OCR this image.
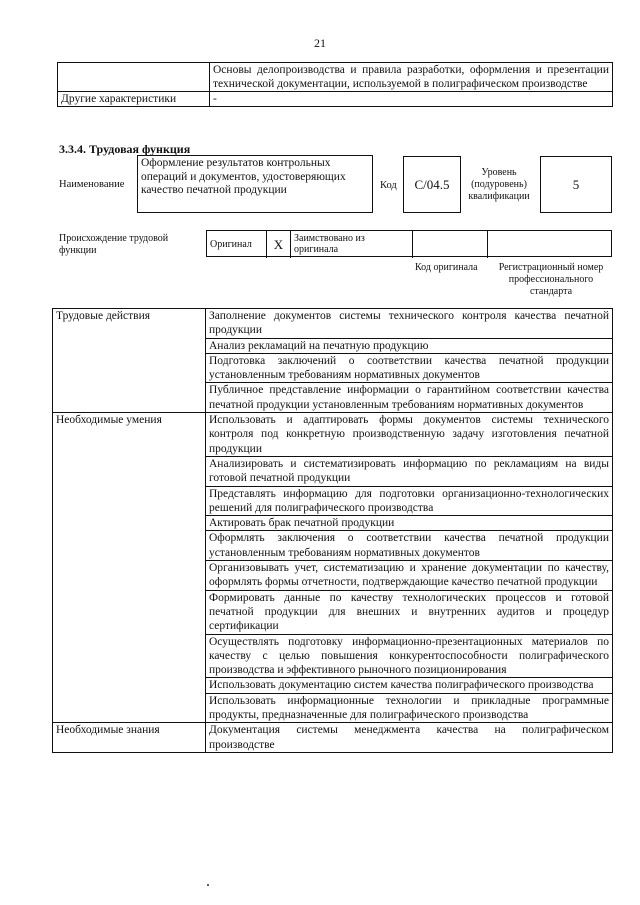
21

	Основы делопроизводства и правила разработки, оформления и презентации технической документации, используемой в полиграфическом производстве

Другие характеристики	-
3.3.4. Трудовая функция
Наименование
Оформление результатов контрольных операций и документов, удостоверяющих качество печатной продукции	Код C/04.5
Уровень (подуровень) квалификации
5
Происхождение трудовой функции
Оригинал X	Заимствовано из оригинала
Код оригинала	Регистрационный номер профессионального стандарта
Трудовые действия	Заполнение документов системы технического контроля качества печатной продукции

	Анализ рекламаций на печатную продукцию

	Подготовка заключений о соответствии качества печатной продукции установленным требованиям нормативных документов

	Публичное представление информации о гарантийном соответствии качества печатной продукции установленным требованиям нормативных документов

Необходимые умения	Использовать и адаптировать формы документов системы технического контроля под конкретную производственную задачу изготовления печатной продукции

	Анализировать и систематизировать информацию по рекламациям на виды готовой печатной продукции

	Представлять информацию для подготовки организационно-технологических решений для полиграфического производства

	Актировать брак печатной продукции

	Оформлять заключения о соответствии качества печатной продукции установленным требованиям нормативных документов

	Организовывать учет, систематизацию и хранение документации по качеству, оформлять формы отчетности, подтверждающие качество печатной продукции

	Формировать данные по качеству технологических процессов и готовой печатной продукции для внешних и внутренних аудитов и процедур сертификации

	Осуществлять подготовку информационно-презентационных материалов по качеству с целью повышения конкурентоспособности полиграфического производства и эффективного рыночного позиционирования

	Использовать документацию систем качества полиграфического производства

	Использовать информационные технологии и прикладные программные продукты, предназначенные для полиграфического производства

Необходимые знания	Документация системы менеджмента качества на полиграфическом производстве
